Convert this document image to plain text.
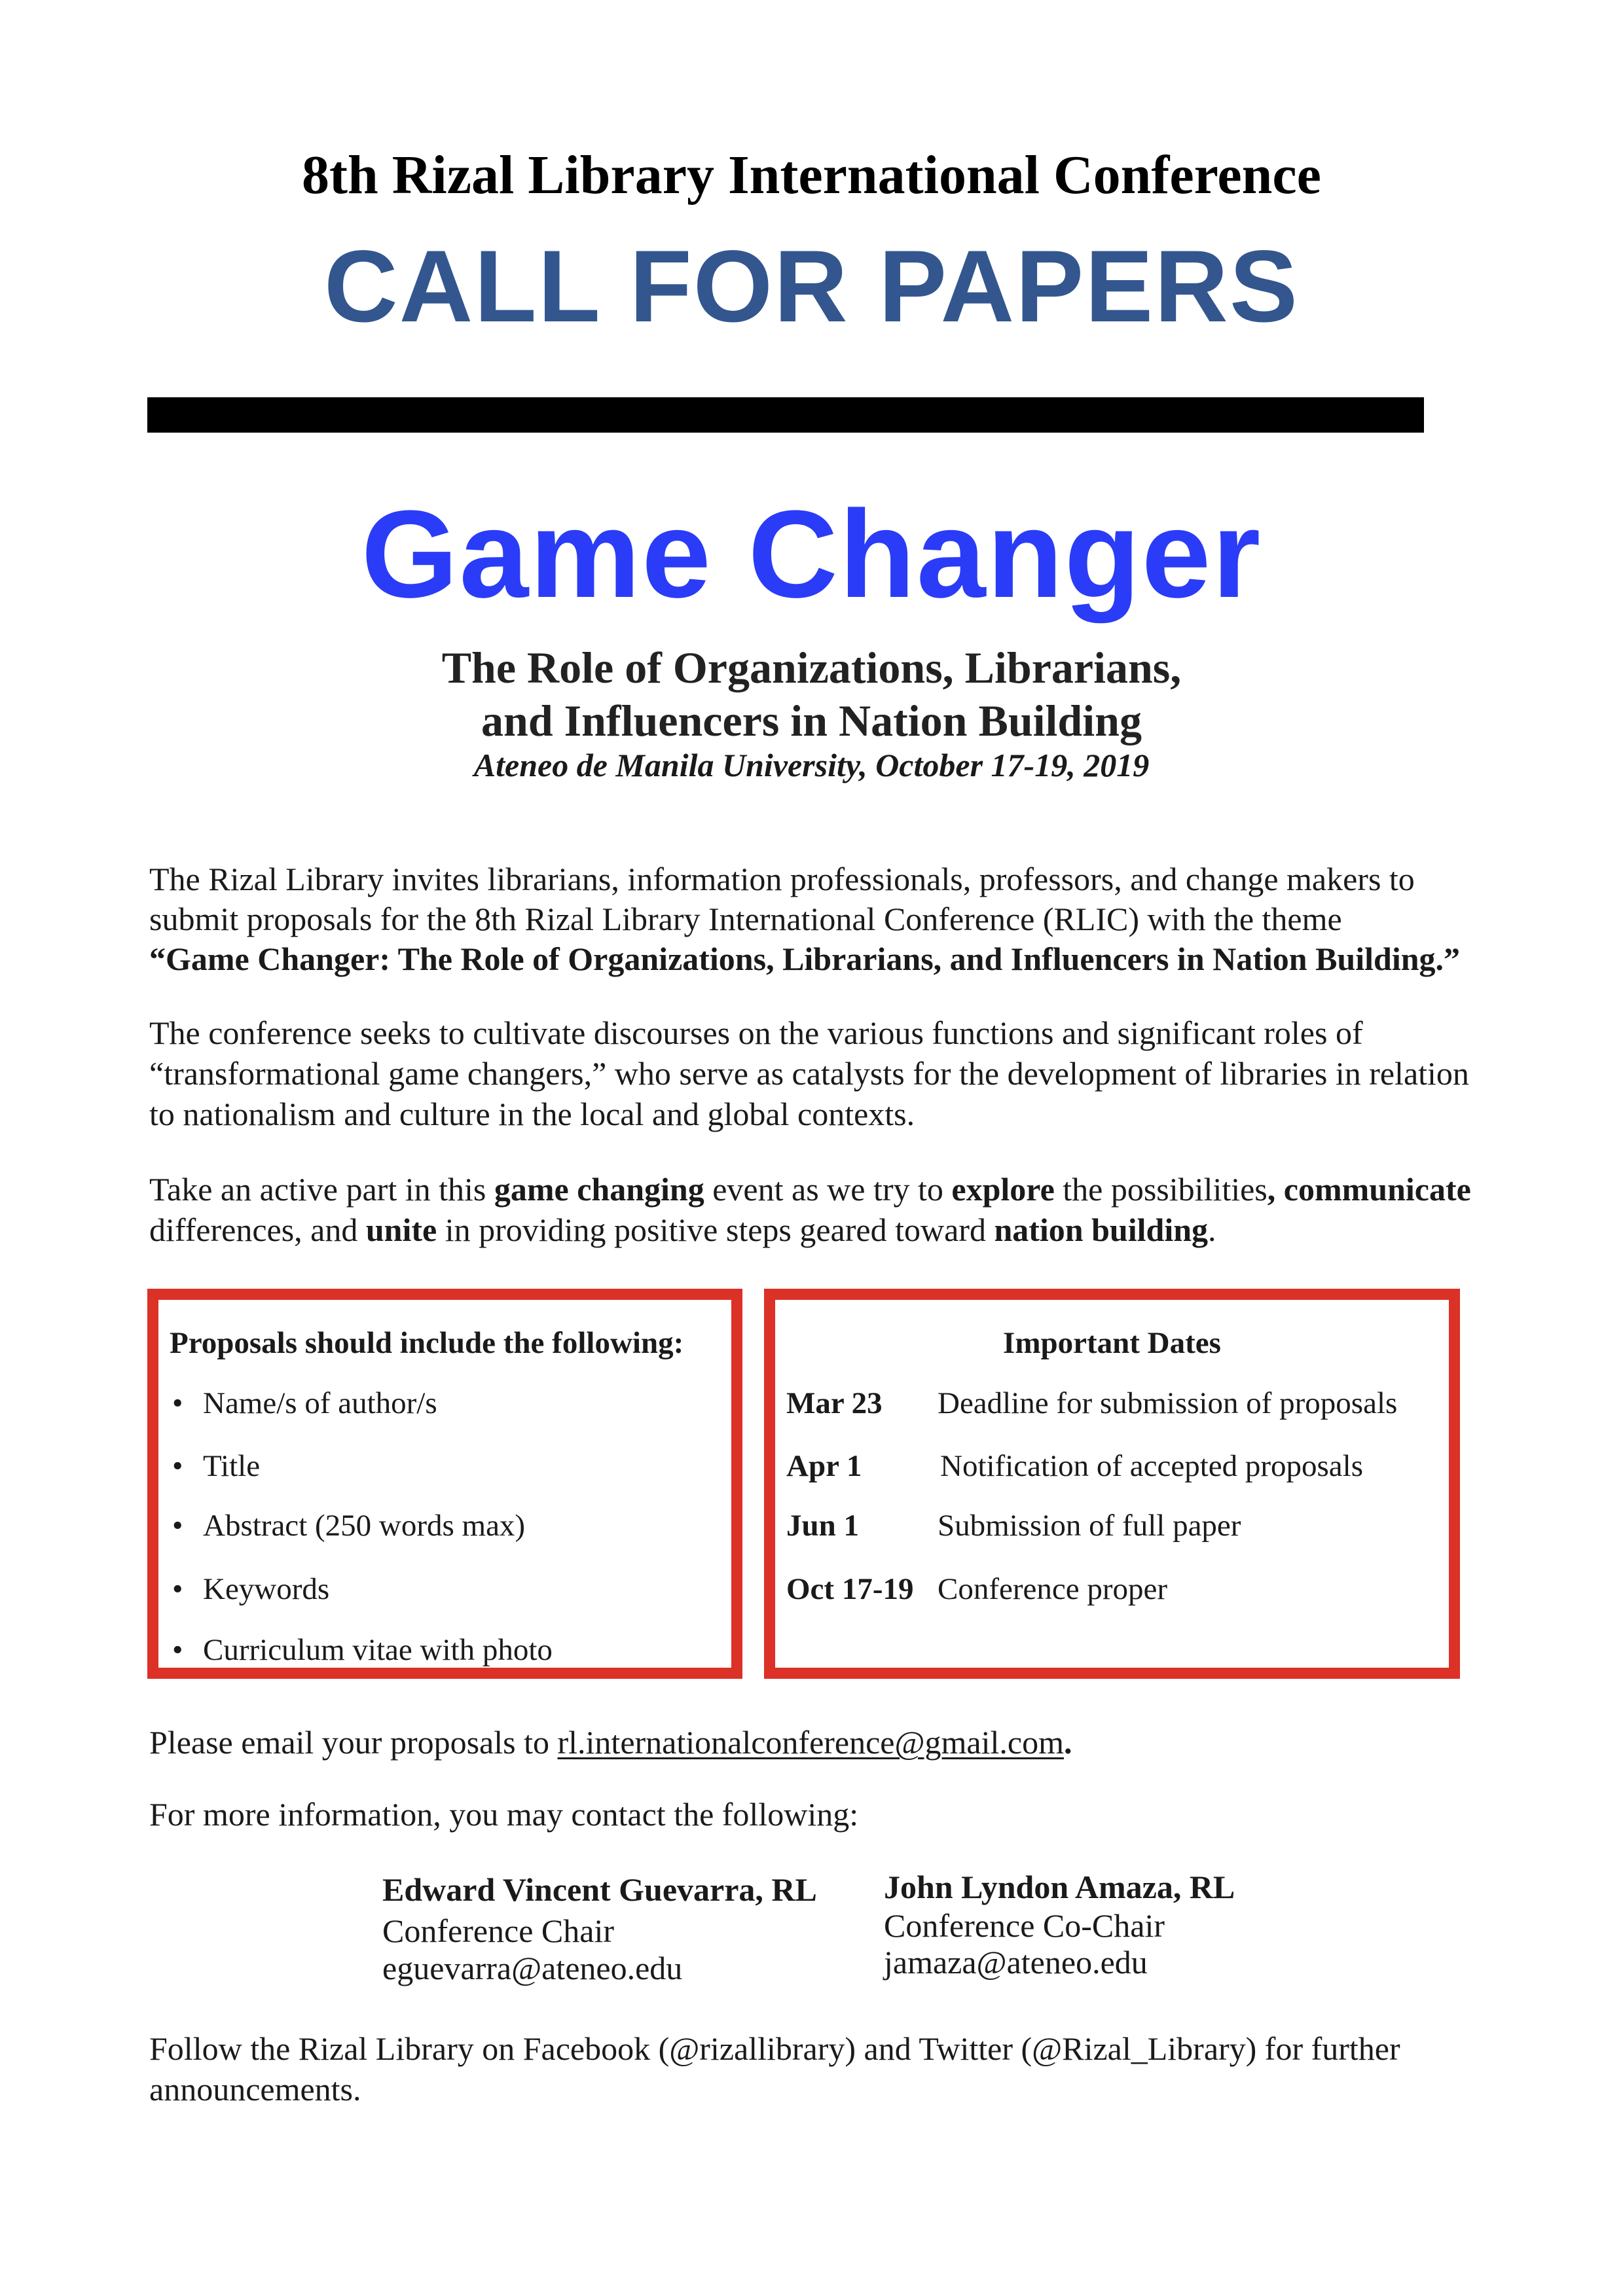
8th Rizal Library International Conference
CALL FOR PAPERS
Game Changer
The Role of Organizations, Librarians,
and Influencers in Nation Building
Ateneo de Manila University, October 17-19, 2019
The Rizal Library invites librarians, information professionals, professors, and change makers to
submit proposals for the 8th Rizal Library International Conference (RLIC) with the theme
“Game Changer: The Role of Organizations, Librarians, and Influencers in Nation Building.”
The conference seeks to cultivate discourses on the various functions and significant roles of
“transformational game changers,” who serve as catalysts for the development of libraries in relation
to nationalism and culture in the local and global contexts.
Take an active part in this game changing event as we try to explore the possibilities, communicate
differences, and unite in providing positive steps geared toward nation building.
Proposals should include the following:
• Name/s of author/s
• Title
• Abstract (250 words max)
• Keywords
• Curriculum vitae with photo
Important Dates
Mar 23 Deadline for submission of proposals
Apr 1	Notification of accepted proposals
Jun 1	Submission of full paper
Oct 17-19 Conference proper
Please email your proposals to rl.internationalconference@gmail.com.
For more information, you may contact the following:
Edward Vincent Guevarra, RL
Conference Chair
eguevarra@ateneo.edu
John Lyndon Amaza, RL
Conference Co-Chair
jamaza@ateneo.edu
Follow the Rizal Library on Facebook (@rizallibrary) and Twitter (@Rizal_Library) for further
announcements.
